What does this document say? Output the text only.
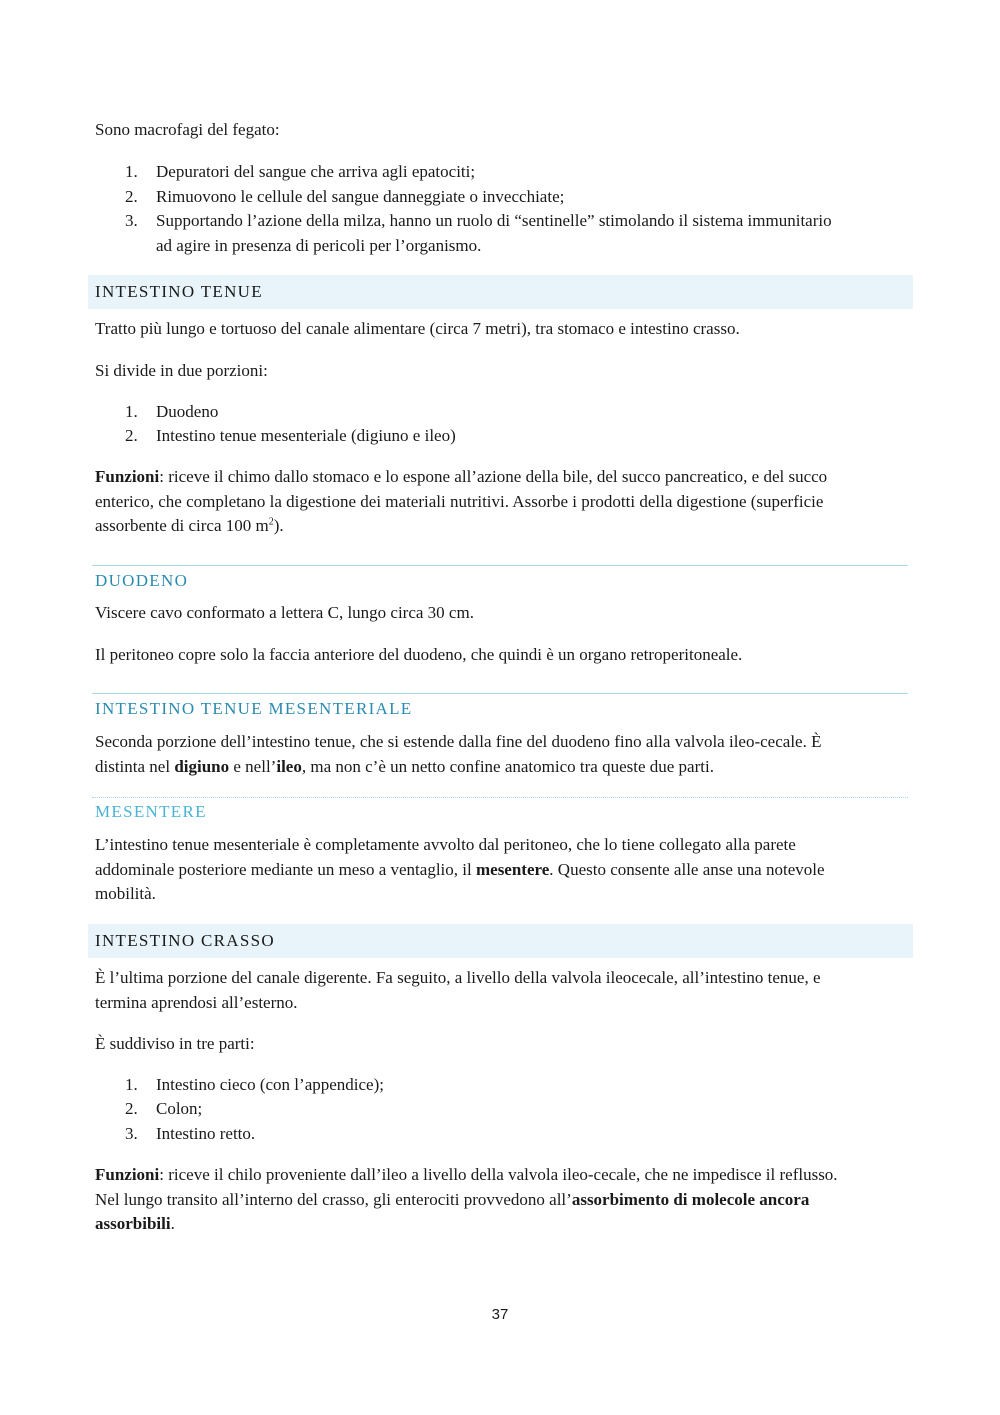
Sono macrofagi del fegato:

1.	Depuratori del sangue che arriva agli epatociti;
2.	Rimuovono le cellule del sangue danneggiate o invecchiate;
3.	Supportando l’azione della milza, hanno un ruolo di “sentinelle” stimolando il sistema immunitario
ad agire in presenza di pericoli per l’organismo.
INTESTINO TENUE

Tratto più lungo e tortuoso del canale alimentare (circa 7 metri), tra stomaco e intestino crasso.

Si divide in due porzioni:

1.	Duodeno
2.	Intestino tenue mesenteriale (digiuno e ileo)

Funzioni: riceve il chimo dallo stomaco e lo espone all’azione della bile, del succo pancreatico, e del succo
enterico, che completano la digestione dei materiali nutritivi. Assorbe i prodotti della digestione (superficie
assorbente di circa 100 $m^2$).

DUODENO

Viscere cavo conformato a lettera C, lungo circa 30 cm.

Il peritoneo copre solo la faccia anteriore del duodeno, che quindi è un organo retroperitoneale.

INTESTINO TENUE MESENTERIALE

Seconda porzione dell’intestino tenue, che si estende dalla fine del duodeno fino alla valvola ileo-cecale. È
distinta nel digiuno e nell’ileo, ma non c’è un netto confine anatomico tra queste due parti.

MESENTERE

L’intestino tenue mesenteriale è completamente avvolto dal peritoneo, che lo tiene collegato alla parete
addominale posteriore mediante un meso a ventaglio, il mesentere. Questo consente alle anse una notevole
mobilità.

INTESTINO CRASSO

È l’ultima porzione del canale digerente. Fa seguito, a livello della valvola ileocecale, all’intestino tenue, e
termina aprendosi all’esterno.

È suddiviso in tre parti:

1.	Intestino cieco (con l’appendice);
2.	Colon;
3.	Intestino retto.

Funzioni: riceve il chilo proveniente dall’ileo a livello della valvola ileo-cecale, che ne impedisce il reflusso.
Nel lungo transito all’interno del crasso, gli enterociti provvedono all’assorbimento di molecole ancora
assorbibili.

37
